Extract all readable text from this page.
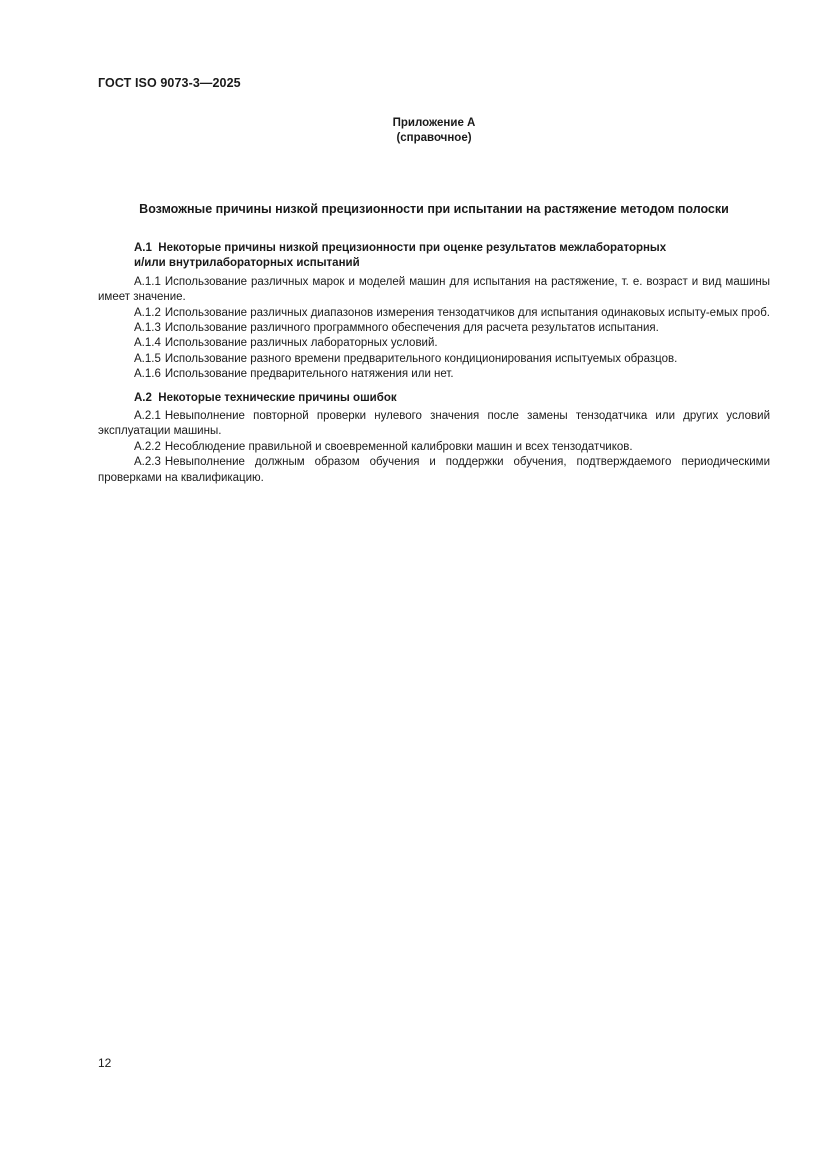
ГОСТ ISO 9073-3—2025
Приложение А
(справочное)
Возможные причины низкой прецизионности при испытании на растяжение методом полоски
А.1 Некоторые причины низкой прецизионности при оценке результатов межлабораторных
и/или внутрилабораторных испытаний

А.1.1 Использование различных марок и моделей машин для испытания на растяжение, т. е. возраст и вид машины имеет значение.

А.1.2 Использование различных диапазонов измерения тензодатчиков для испытания одинаковых испыту-емых проб.

А.1.3 Использование различного программного обеспечения для расчета результатов испытания.

А.1.4 Использование различных лабораторных условий.

А.1.5 Использование разного времени предварительного кондиционирования испытуемых образцов.

А.1.6 Использование предварительного натяжения или нет.

А.2 Некоторые технические причины ошибок

А.2.1 Невыполнение повторной проверки нулевого значения после замены тензодатчика или других условий эксплуатации машины.

А.2.2 Несоблюдение правильной и своевременной калибровки машин и всех тензодатчиков.

А.2.3 Невыполнение должным образом обучения и поддержки обучения, подтверждаемого периодическими проверками на квалификацию.

12
